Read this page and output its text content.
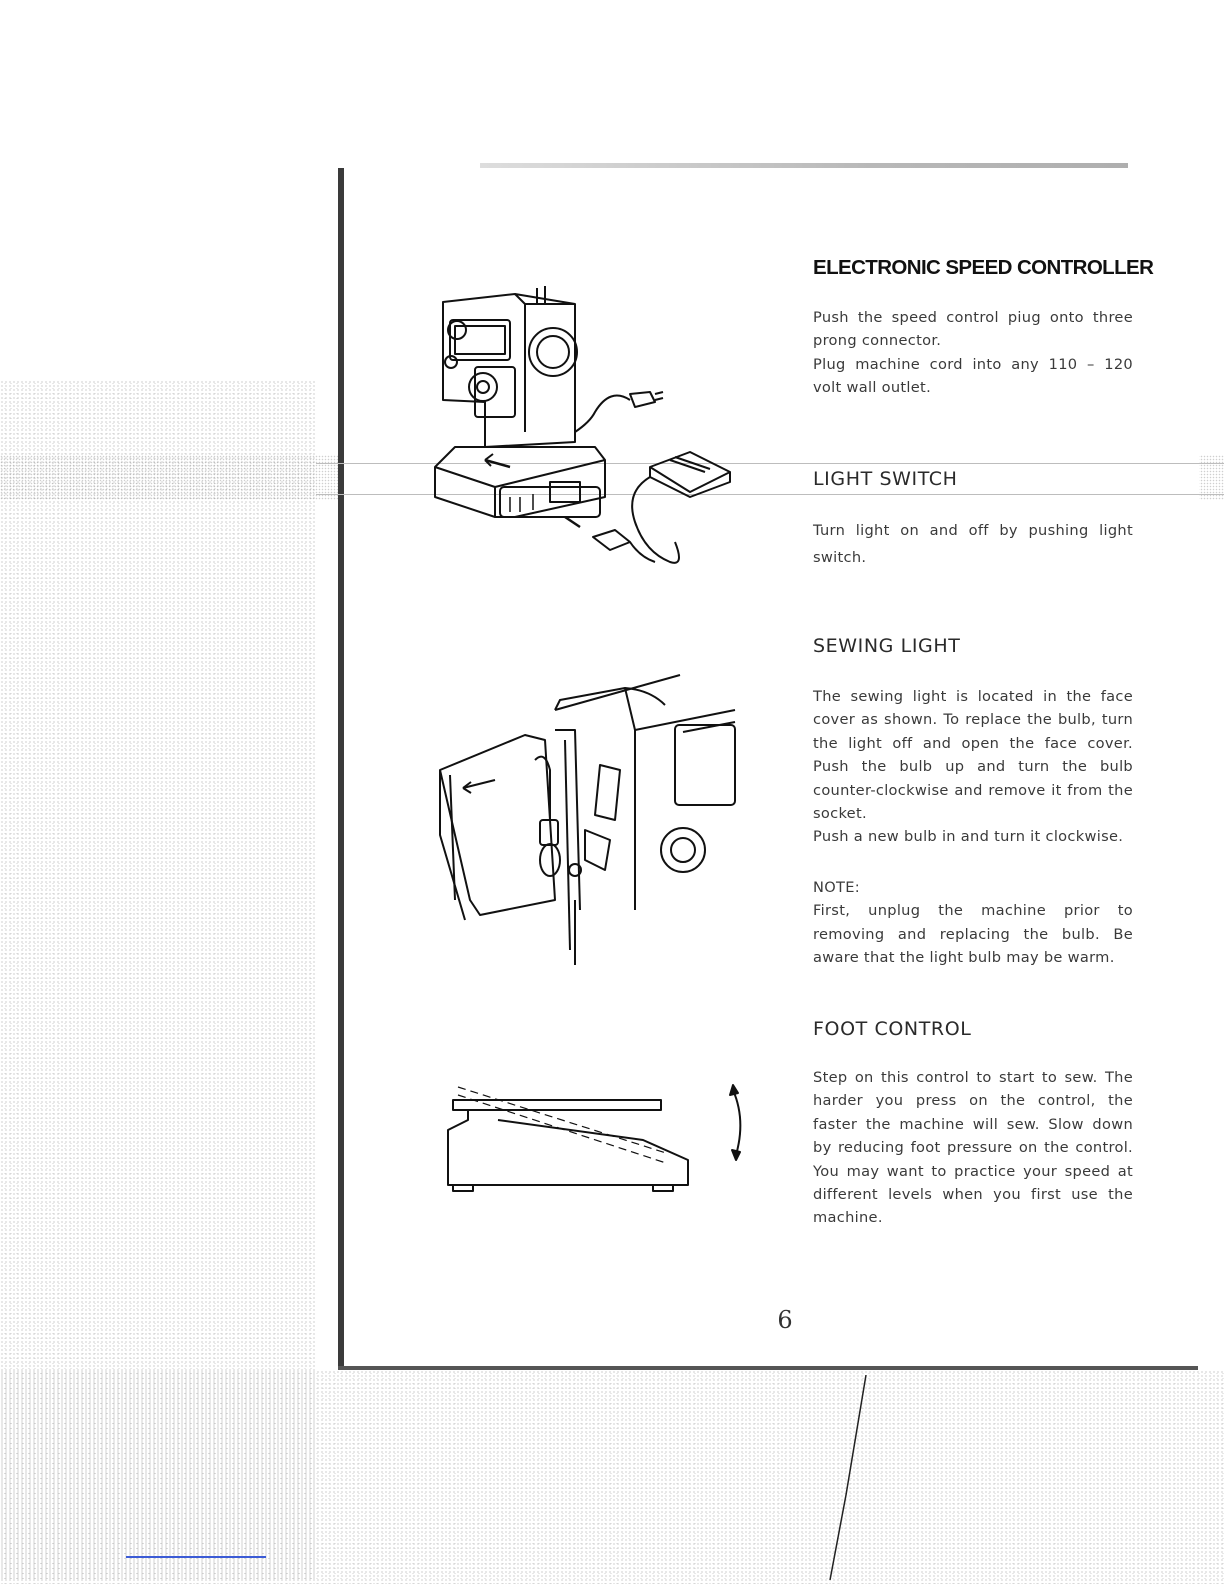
ELECTRONIC SPEED CONTROLLER

Push the speed control piug onto three prong connector.

Plug machine cord into any 110 – 120 volt wall outlet.

LIGHT SWITCH

Turn light on and off by pushing light switch.

SEWING LIGHT

The sewing light is located in the face cover as shown. To replace the bulb, turn the light off and open the face cover. Push the bulb up and turn the bulb counter-clockwise and remove it from the socket.

Push a new bulb in and turn it clockwise.

NOTE:

First, unplug the machine prior to removing and replacing the bulb. Be aware that the light bulb may be warm.

FOOT CONTROL

Step on this control to start to sew. The harder you press on the control, the faster the machine will sew. Slow down by reducing foot pressure on the control. You may want to practice your speed at different levels when you first use the machine.

6
